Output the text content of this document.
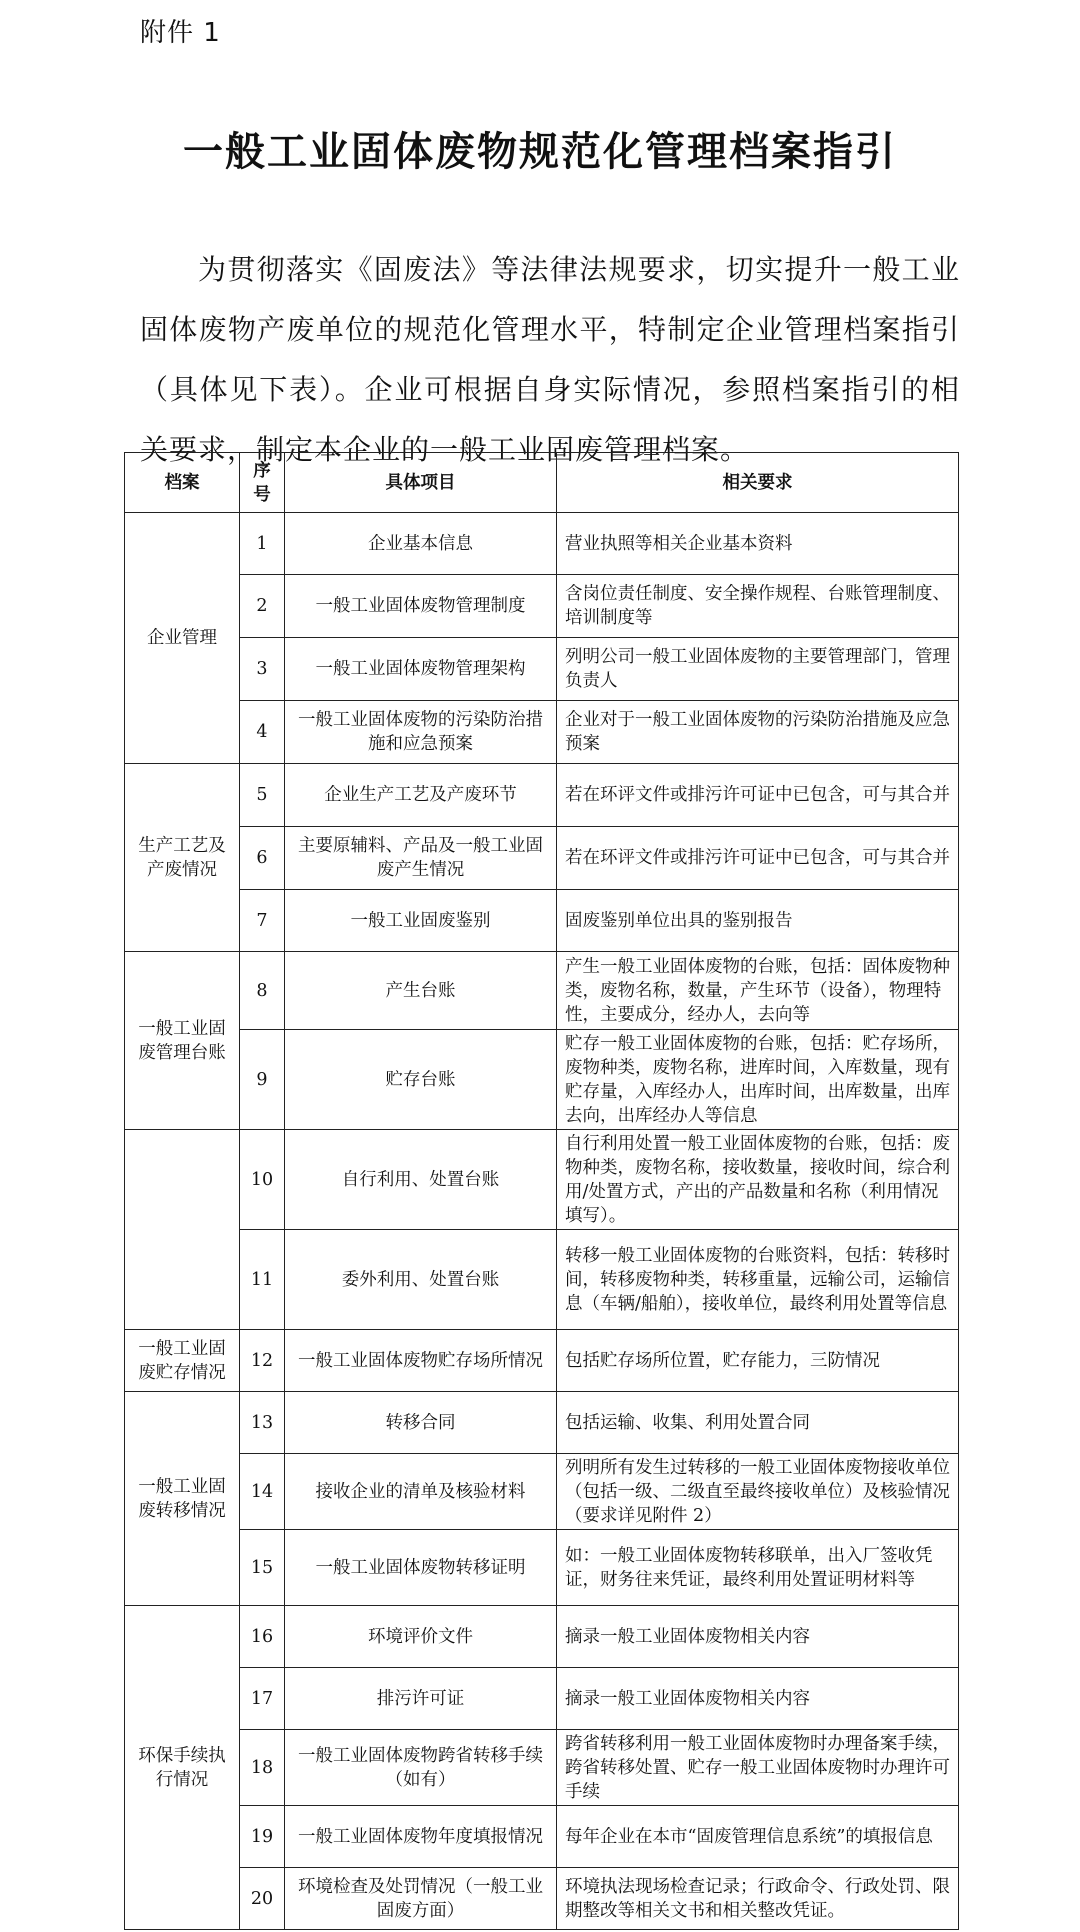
附件 1
一般工业固体废物规范化管理档案指引

为贯彻落实《固废法》等法律法规要求，切实提升一般工业固体废物产废单位的规范化管理水平，特制定企业管理档案指引（具体见下表）。企业可根据自身实际情况，参照档案指引的相关要求，制定本企业的一般工业固废管理档案。

档案	序号	具体项目	相关要求
企业管理	1	企业基本信息	营业执照等相关企业基本资料
	2	一般工业固体废物管理制度	含岗位责任制度、安全操作规程、台账管理制度、培训制度等
	3	一般工业固体废物管理架构	列明公司一般工业固体废物的主要管理部门，管理负责人
	4	一般工业固体废物的污染防治措施和应急预案	企业对于一般工业固体废物的污染防治措施及应急预案
生产工艺及产废情况	5	企业生产工艺及产废环节	若在环评文件或排污许可证中已包含，可与其合并
	6	主要原辅料、产品及一般工业固废产生情况	若在环评文件或排污许可证中已包含，可与其合并
	7	一般工业固废鉴别	固废鉴别单位出具的鉴别报告
一般工业固废管理台账	8	产生台账	产生一般工业固体废物的台账，包括：固体废物种类，废物名称，数量，产生环节（设备），物理特性，主要成分，经办人，去向等
	9	贮存台账	贮存一般工业固体废物的台账，包括：贮存场所，废物种类，废物名称，进库时间，入库数量，现有贮存量，入库经办人，出库时间，出库数量，出库去向，出库经办人等信息
	10	自行利用、处置台账	自行利用处置一般工业固体废物的台账，包括：废物种类，废物名称，接收数量，接收时间，综合利用/处置方式，产出的产品数量和名称（利用情况填写）。
	11	委外利用、处置台账	转移一般工业固体废物的台账资料，包括：转移时间，转移废物种类，转移重量，远输公司，运输信息（车辆/船舶），接收单位，最终利用处置等信息
一般工业固废贮存情况	12	一般工业固体废物贮存场所情况	包括贮存场所位置，贮存能力，三防情况
一般工业固废转移情况	13	转移合同	包括运输、收集、利用处置合同
	14	接收企业的清单及核验材料	列明所有发生过转移的一般工业固体废物接收单位（包括一级、二级直至最终接收单位）及核验情况（要求详见附件 2）
	15	一般工业固体废物转移证明	如：一般工业固体废物转移联单，出入厂签收凭证，财务往来凭证，最终利用处置证明材料等
环保手续执行情况	16	环境评价文件	摘录一般工业固体废物相关内容
	17	排污许可证	摘录一般工业固体废物相关内容
	18	一般工业固体废物跨省转移手续（如有）	跨省转移利用一般工业固体废物时办理备案手续，跨省转移处置、贮存一般工业固体废物时办理许可手续
	19	一般工业固体废物年度填报情况	每年企业在本市“固废管理信息系统”的填报信息
	20	环境检查及处罚情况（一般工业固废方面）	环境执法现场检查记录；行政命令、行政处罚、限期整改等相关文书和相关整改凭证。
